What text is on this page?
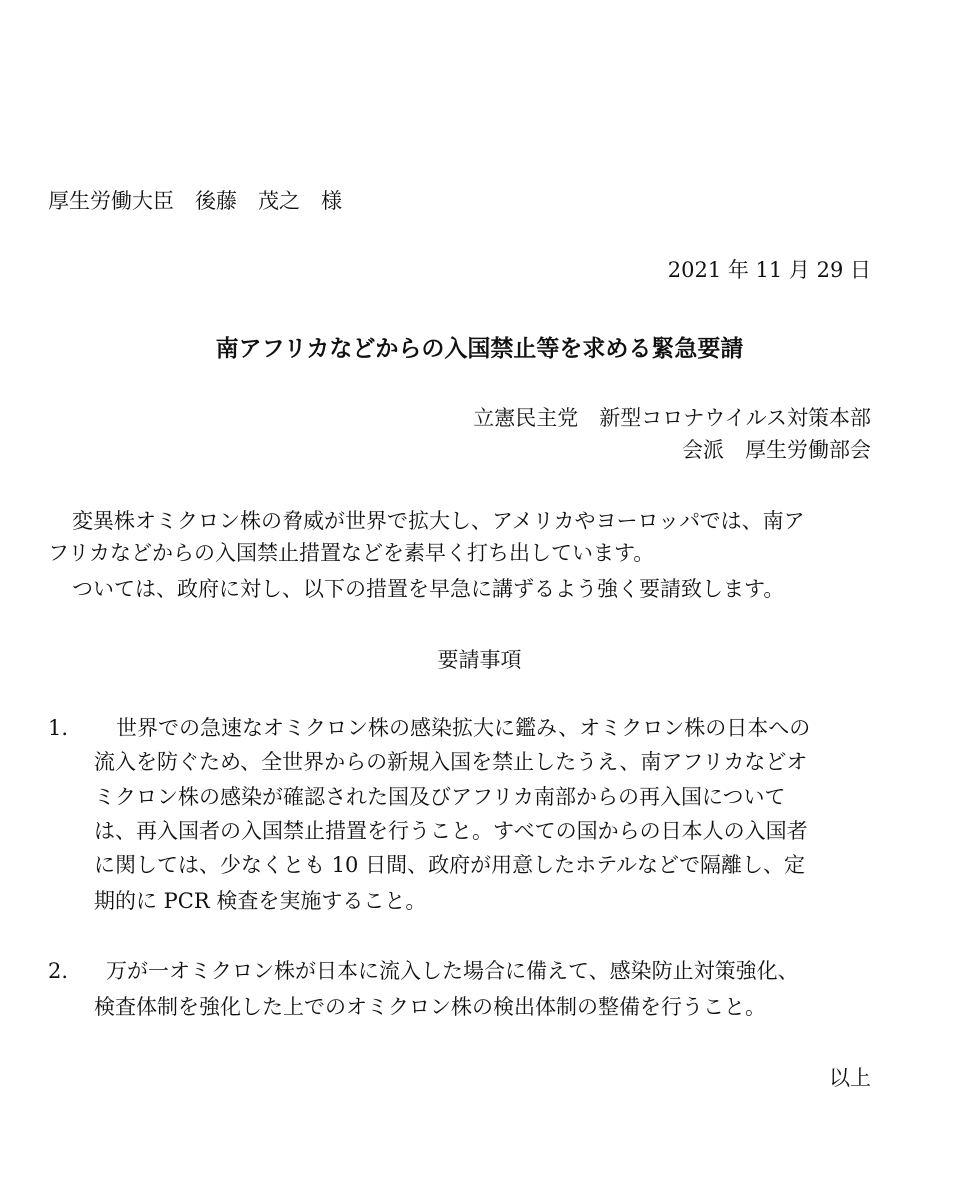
厚生労働大臣　後藤　茂之　様
2021 年 11 月 29 日
南アフリカなどからの入国禁止等を求める緊急要請
立憲民主党　新型コロナウイルス対策本部
会派　厚生労働部会
変異株オミクロン株の脅威が世界で拡大し、アメリカやヨーロッパでは、南ア
フリカなどからの入国禁止措置などを素早く打ち出しています。
ついては、政府に対し、以下の措置を早急に講ずるよう強く要請致します。
要請事項
1. 世界での急速なオミクロン株の感染拡大に鑑み、オミクロン株の日本への
流入を防ぐため、全世界からの新規入国を禁止したうえ、南アフリカなどオ
ミクロン株の感染が確認された国及びアフリカ南部からの再入国について
は、再入国者の入国禁止措置を行うこと。すべての国からの日本人の入国者
に関しては、少なくとも 10 日間、政府が用意したホテルなどで隔離し、定
期的に PCR 検査を実施すること。
2. 万が一オミクロン株が日本に流入した場合に備えて、感染防止対策強化、
検査体制を強化した上でのオミクロン株の検出体制の整備を行うこと。
以上
